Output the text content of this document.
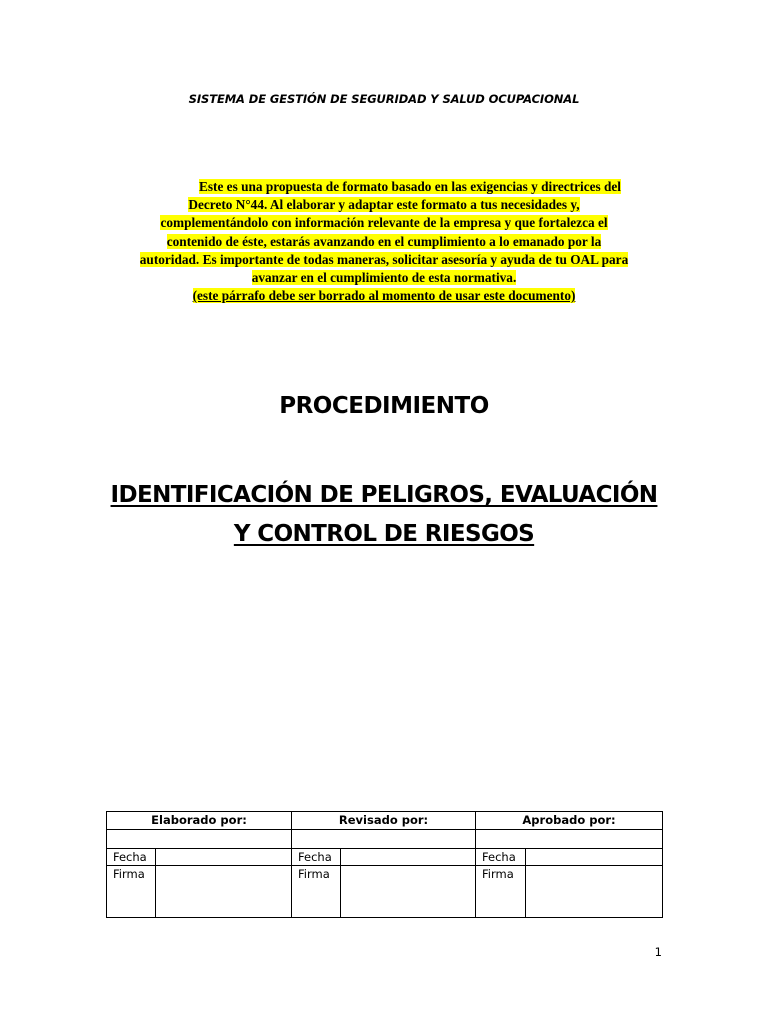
SISTEMA DE GESTIÓN DE SEGURIDAD Y SALUD OCUPACIONAL
Este es una propuesta de formato basado en las exigencias y directrices del
Decreto N°44. Al elaborar y adaptar este formato a tus necesidades y,
complementándolo con información relevante de la empresa y que fortalezca el
contenido de éste, estarás avanzando en el cumplimiento a lo emanado por la
autoridad. Es importante de todas maneras, solicitar asesoría y ayuda de tu OAL para
avanzar en el cumplimiento de esta normativa.
(este párrafo debe ser borrado al momento de usar este documento)
PROCEDIMIENTO
IDENTIFICACIÓN DE PELIGROS, EVALUACIÓN
Y CONTROL DE RIESGOS
Elaborado por:		Revisado por:		Aprobado por:	

Fecha		Fecha		Fecha	
Firma		Firma		Firma	
1
